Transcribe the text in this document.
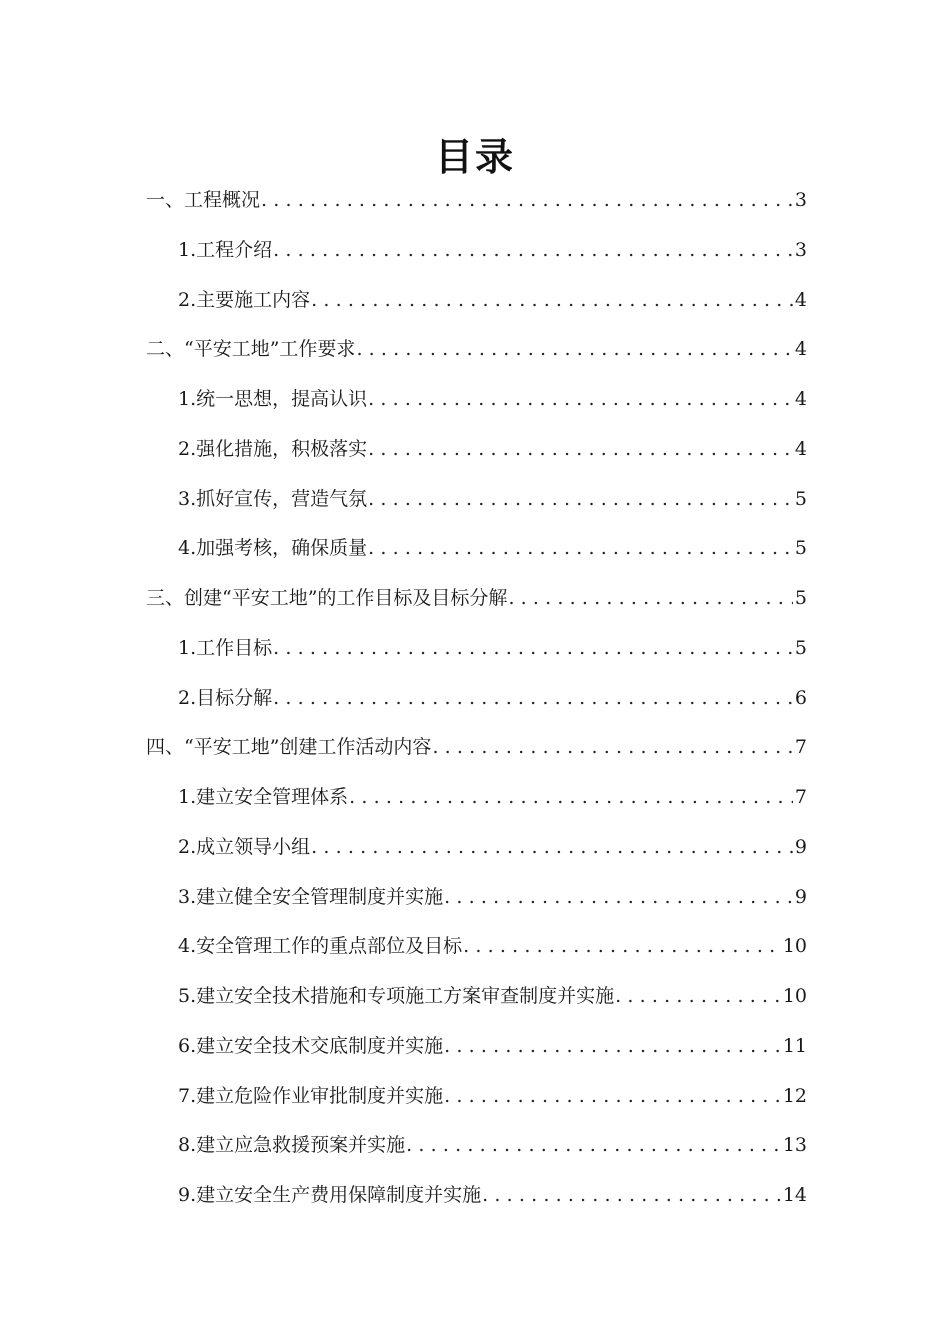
目录
一、工程概况 .....	3
1.工程介绍 .....	3
2.主要施工内容 .....	4
二、“平安工地”工作要求 .....	4
1.统一思想，提高认识 .....	4
2.强化措施，积极落实 .....	4
3.抓好宣传，营造气氛 .....	5
4.加强考核，确保质量 .....	5
三、创建“平安工地”的工作目标及目标分解 .....	5
1.工作目标 .....	5
2.目标分解 .....	6
四、“平安工地”创建工作活动内容 .....	7
1.建立安全管理体系 .....	7
2.成立领导小组 .....	9
3.建立健全安全管理制度并实施 .....	9
4.安全管理工作的重点部位及目标 .....	10
5.建立安全技术措施和专项施工方案审查制度并实施 .....	10
6.建立安全技术交底制度并实施 .....	11
7.建立危险作业审批制度并实施 .....	12
8.建立应急救援预案并实施 .....	13
9.建立安全生产费用保障制度并实施 .....	14
